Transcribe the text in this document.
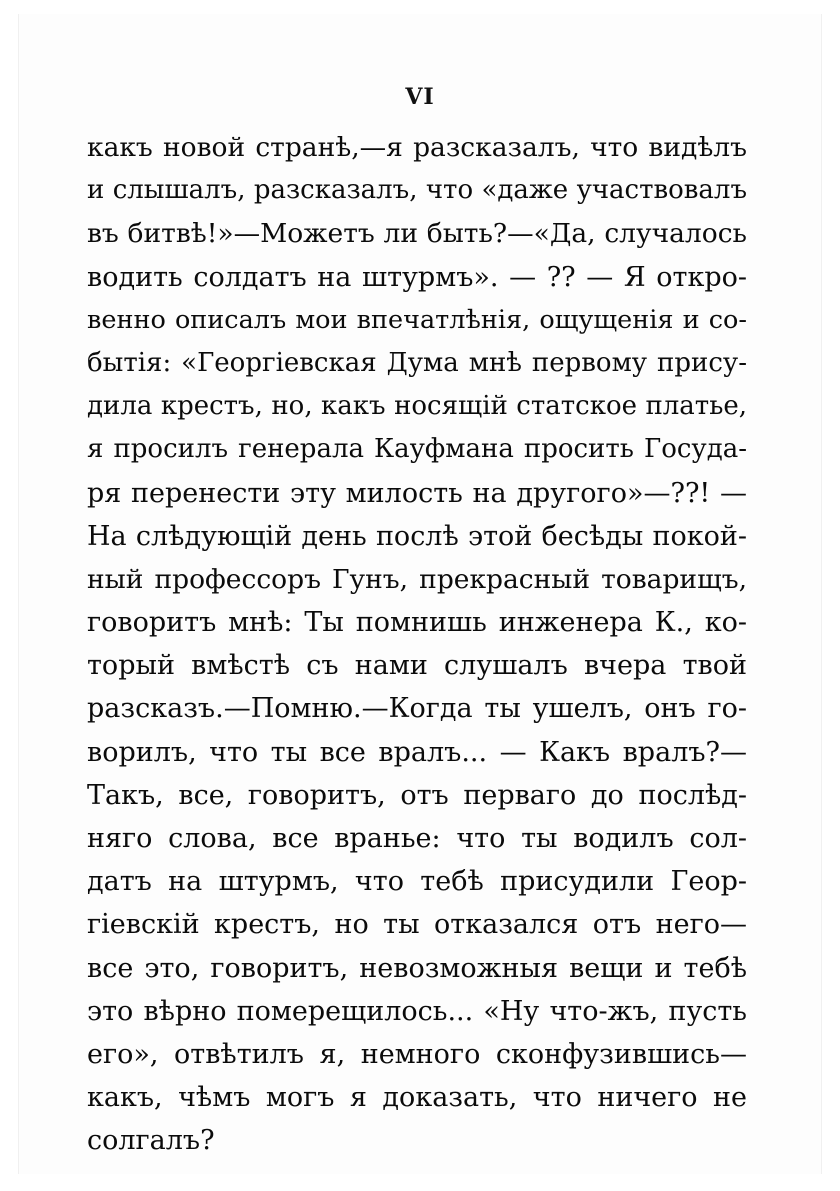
VI
какъ новой странѣ,—я разсказалъ, что видѣлъ
и слышалъ, разсказалъ, что «даже участвовалъ
въ битвѣ!»—Можетъ ли быть?—«Да, случалось
водить солдатъ на штурмъ». — ?? — Я откро-
венно описалъ мои впечатлѣнія, ощущенія и со-
бытія: «Георгіевская Дума мнѣ первому прису-
дила крестъ, но, какъ носящій статское платье,
я просилъ генерала Кауфмана просить Госуда-
ря перенести эту милость на другого»—??! —
На слѣдующій день послѣ этой бесѣды покой-
ный профессоръ Гунъ, прекрасный товарищъ,
говоритъ мнѣ: Ты помнишь инженера К., ко-
торый вмѣстѣ съ нами слушалъ вчера твой
разсказъ.—Помню.—Когда ты ушелъ, онъ го-
ворилъ, что ты все вралъ... — Какъ вралъ?—
Такъ, все, говоритъ, отъ перваго до послѣд-
няго слова, все вранье: что ты водилъ сол-
датъ на штурмъ, что тебѣ присудили Геор-
гіевскій крестъ, но ты отказался отъ него—
все это, говоритъ, невозможныя вещи и тебѣ
это вѣрно померещилось... «Ну что-жъ, пусть
его», отвѣтилъ я, немного сконфузившись—
какъ, чѣмъ могъ я доказать, что ничего не
солгалъ?
